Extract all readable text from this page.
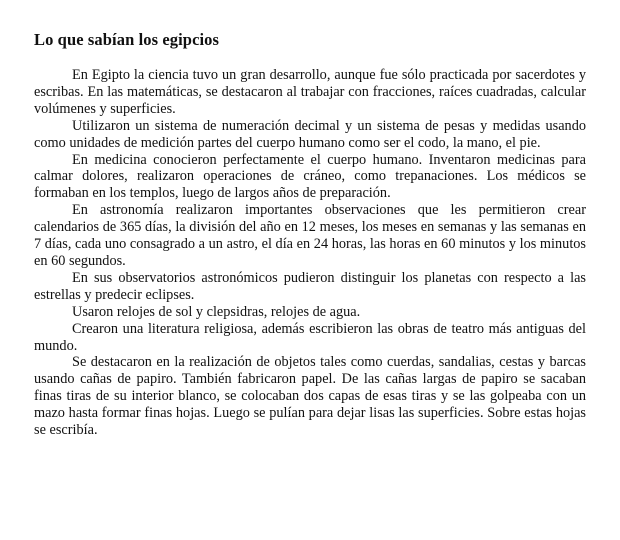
Lo que sabían los egipcios

En Egipto la ciencia tuvo un gran desarrollo, aunque fue sólo practicada por sacerdotes y escribas. En las matemáticas, se destacaron al trabajar con fracciones, raíces cuadradas, calcular volúmenes y superficies.

Utilizaron un sistema de numeración decimal y un sistema de pesas y medidas usando como unidades de medición partes del cuerpo humano como ser el codo, la mano, el pie.

En medicina conocieron perfectamente el cuerpo humano. Inventaron medicinas para calmar dolores, realizaron operaciones de cráneo, como trepanaciones. Los médicos se formaban en los templos, luego de largos años de preparación.

En astronomía realizaron importantes observaciones que les permitieron crear calendarios de 365 días, la división del año en 12 meses, los meses en semanas y las semanas en 7 días, cada uno consagrado a un astro, el día en 24 horas, las horas en 60 minutos y los minutos en 60 segundos.

En sus observatorios astronómicos pudieron distinguir los planetas con respecto a las estrellas y predecir eclipses.

Usaron relojes de sol y clepsidras, relojes de agua.

Crearon una literatura religiosa, además escribieron las obras de teatro más antiguas del mundo.

Se destacaron en la realización de objetos tales como cuerdas, sandalias, cestas y barcas usando cañas de papiro. También fabricaron papel. De las cañas largas de papiro se sacaban finas tiras de su interior blanco, se colocaban dos capas de esas tiras y se las golpeaba con un mazo hasta formar finas hojas. Luego se pulían para dejar lisas las superficies. Sobre estas hojas se escribía.
